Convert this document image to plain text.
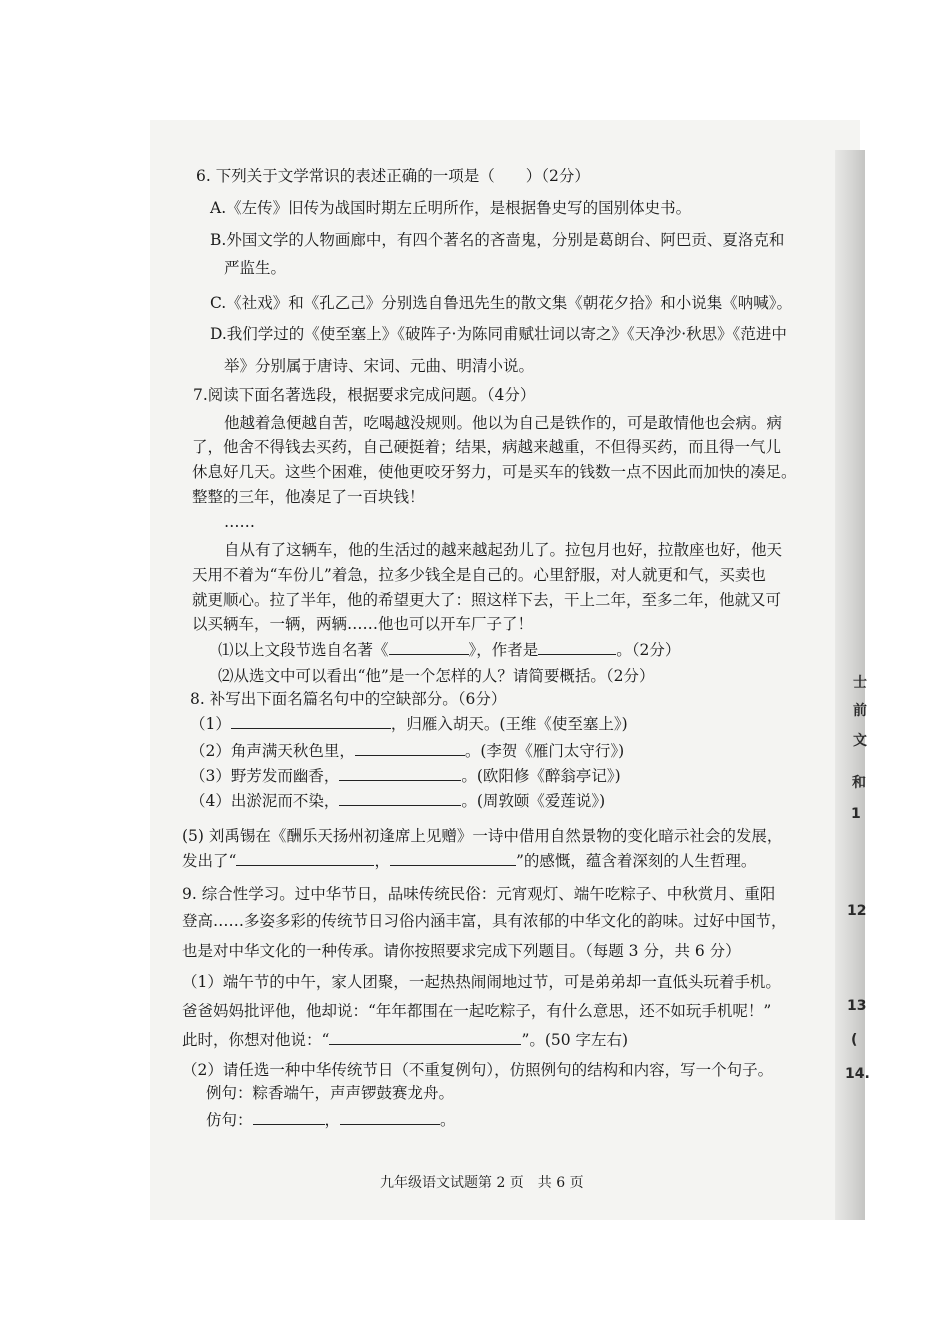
6. 下列关于文学常识的表述正确的一项是（　　）（2分）
A.《左传》旧传为战国时期左丘明所作，是根据鲁史写的国别体史书。
B.外国文学的人物画廊中，有四个著名的吝啬鬼，分别是葛朗台、阿巴贡、夏洛克和
严监生。
C.《社戏》和《孔乙己》分别选自鲁迅先生的散文集《朝花夕拾》和小说集《呐喊》。
D.我们学过的《使至塞上》《破阵子·为陈同甫赋壮词以寄之》《天净沙·秋思》《范进中
举》分别属于唐诗、宋词、元曲、明清小说。
7.阅读下面名著选段，根据要求完成问题。（4分）
他越着急便越自苦，吃喝越没规则。他以为自己是铁作的，可是敢情他也会病。病
了，他舍不得钱去买药，自己硬挺着；结果，病越来越重，不但得买药，而且得一气儿
休息好几天。这些个困难，使他更咬牙努力，可是买车的钱数一点不因此而加快的凑足。
整整的三年，他凑足了一百块钱！
……
自从有了这辆车，他的生活过的越来越起劲儿了。拉包月也好，拉散座也好，他天
天用不着为“车份儿”着急，拉多少钱全是自己的。心里舒服，对人就更和气，买卖也
就更顺心。拉了半年，他的希望更大了：照这样下去，干上二年，至多二年，他就又可
以买辆车，一辆，两辆……他也可以开车厂子了！
⑴以上文段节选自名著《	》，作者是	。（2分）
⑵从选文中可以看出“他”是一个怎样的人？请简要概括。（2分）
8. 补写出下面名篇名句中的空缺部分。（6分）
（1）	，归雁入胡天。(王维《使至塞上》)
（2）角声满天秋色里，	。(李贺《雁门太守行》)
（3）野芳发而幽香，	。(欧阳修《醉翁亭记》)
（4）出淤泥而不染，	。(周敦颐《爱莲说》)
(5) 刘禹锡在《酬乐天扬州初逢席上见赠》一诗中借用自然景物的变化暗示社会的发展，
发出了“	，	”的感慨，蕴含着深刻的人生哲理。
9. 综合性学习。过中华节日，品味传统民俗：元宵观灯、端午吃粽子、中秋赏月、重阳
登高……多姿多彩的传统节日习俗内涵丰富，具有浓郁的中华文化的韵味。过好中国节，
也是对中华文化的一种传承。请你按照要求完成下列题目。（每题 3 分，共 6 分）
（1）端午节的中午，家人团聚，一起热热闹闹地过节，可是弟弟却一直低头玩着手机。
爸爸妈妈批评他，他却说：“年年都围在一起吃粽子，有什么意思，还不如玩手机呢！”
此时，你想对他说：“	”。(50 字左右)
（2）请任选一种中华传统节日（不重复例句），仿照例句的结构和内容，写一个句子。
例句：粽香端午，声声锣鼓赛龙舟。
仿句：	，	。
九年级语文试题第 2 页　共 6 页
士
前
文
和
1
12
13
(
14.
